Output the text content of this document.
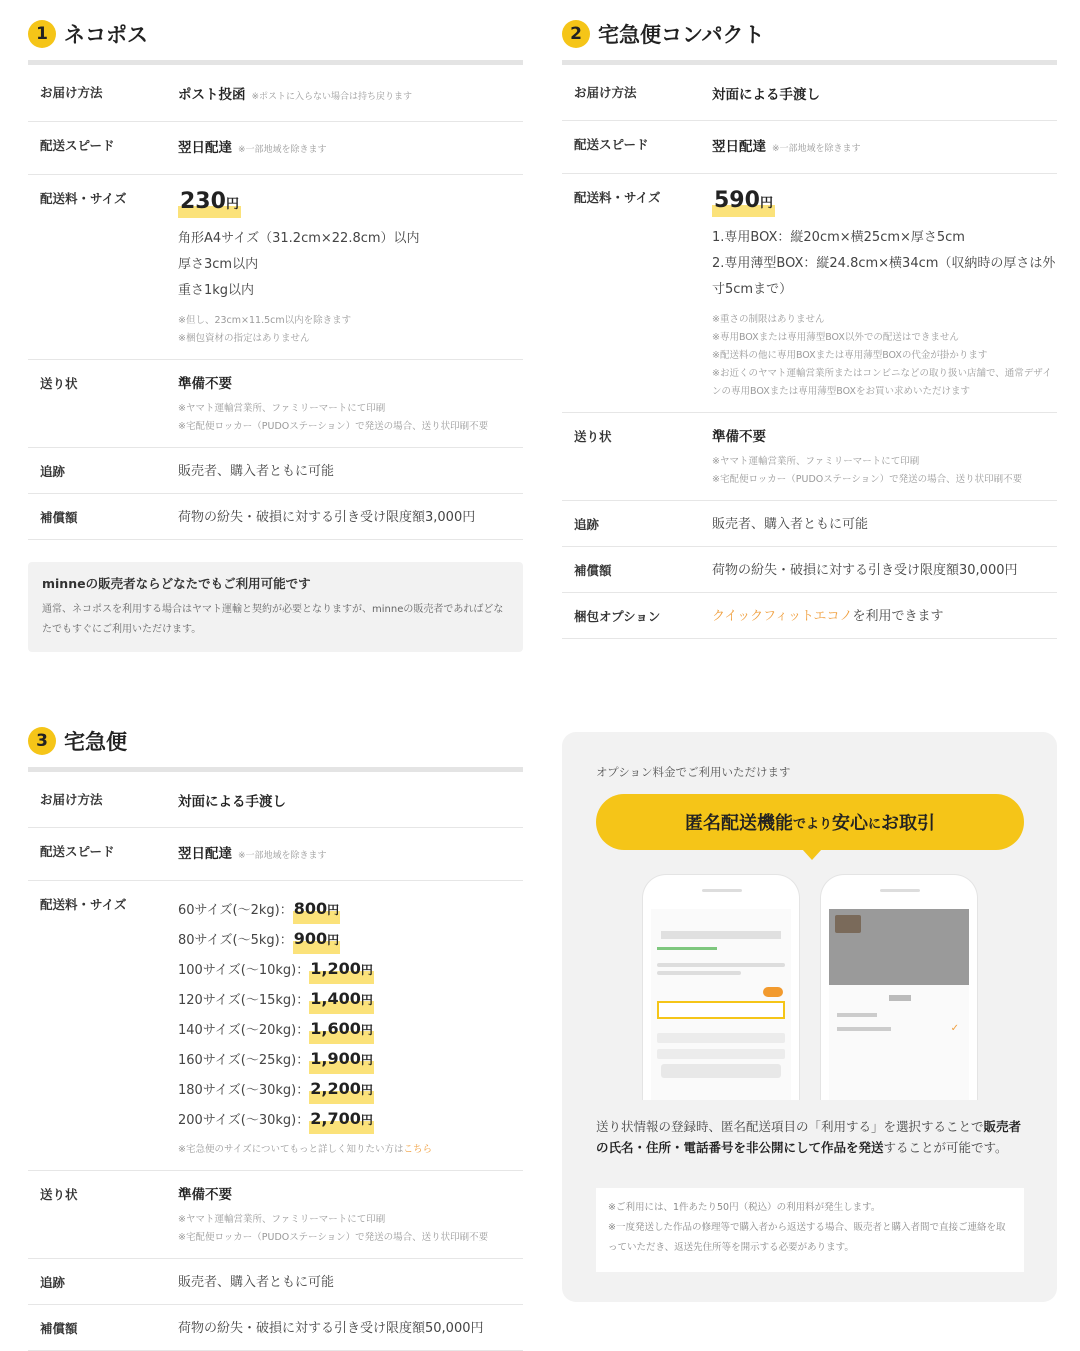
1 ネコポス
お届け方法	ポスト投函 ※ポストに入らない場合は持ち戻ります
配送スピード	翌日配達 ※一部地域を除きます
配送料・サイズ	230円
角形A4サイズ（31.2cm×22.8cm）以内
厚さ3cm以内
重さ1kg以内
※但し、23cm×11.5cm以内を除きます
※梱包資材の指定はありません
送り状	準備不要
※ヤマト運輸営業所、ファミリーマートにて印刷
※宅配便ロッカー（PUDOステーション）で発送の場合、送り状印刷不要
追跡	販売者、購入者ともに可能
補償額	荷物の紛失・破損に対する引き受け限度額3,000円
minneの販売者ならどなたでもご利用可能です
通常、ネコポスを利用する場合はヤマト運輸と契約が必要となりますが、minneの販売者であればどなたでもすぐにご利用いただけます。
2 宅急便コンパクト
お届け方法	対面による手渡し
配送スピード	翌日配達 ※一部地域を除きます
配送料・サイズ	590円
1.専用BOX：縦20cm×横25cm×厚さ5cm
2.専用薄型BOX：縦24.8cm×横34cm（収納時の厚さは外寸5cmまで）
※重さの制限はありません
※専用BOXまたは専用薄型BOX以外での配送はできません
※配送料の他に専用BOXまたは専用薄型BOXの代金が掛かります
※お近くのヤマト運輸営業所またはコンビニなどの取り扱い店舗で、通常デザインの専用BOXまたは専用薄型BOXをお買い求めいただけます
送り状	準備不要
※ヤマト運輸営業所、ファミリーマートにて印刷
※宅配便ロッカー（PUDOステーション）で発送の場合、送り状印刷不要
追跡	販売者、購入者ともに可能
補償額	荷物の紛失・破損に対する引き受け限度額30,000円
梱包オプション	クイックフィットエコノを利用できます
3 宅急便
お届け方法	対面による手渡し
配送スピード	翌日配達 ※一部地域を除きます
配送料・サイズ	60サイズ(〜2kg)：800円
80サイズ(〜5kg)：900円
100サイズ(〜10kg)：1,200円
120サイズ(〜15kg)：1,400円
140サイズ(〜20kg)：1,600円
160サイズ(〜25kg)：1,900円
180サイズ(〜30kg)：2,200円
200サイズ(〜30kg)：2,700円
※宅急便のサイズについてもっと詳しく知りたい方はこちら
送り状	準備不要
※ヤマト運輸営業所、ファミリーマートにて印刷
※宅配便ロッカー（PUDOステーション）で発送の場合、送り状印刷不要
追跡	販売者、購入者ともに可能
補償額	荷物の紛失・破損に対する引き受け限度額50,000円
オプション料金でご利用いただけます
匿名配送機能 でより 安心 に お取引
✓
送り状情報の登録時、匿名配送項目の「利用する」を選択することで販売者の氏名・住所・電話番号を非公開にして作品を発送することが可能です。
※ご利用には、1件あたり50円（税込）の利用料が発生します。
※一度発送した作品の修理等で購入者から返送する場合、販売者と購入者間で直接ご連絡を取っていただき、返送先住所等を開示する必要があります。
